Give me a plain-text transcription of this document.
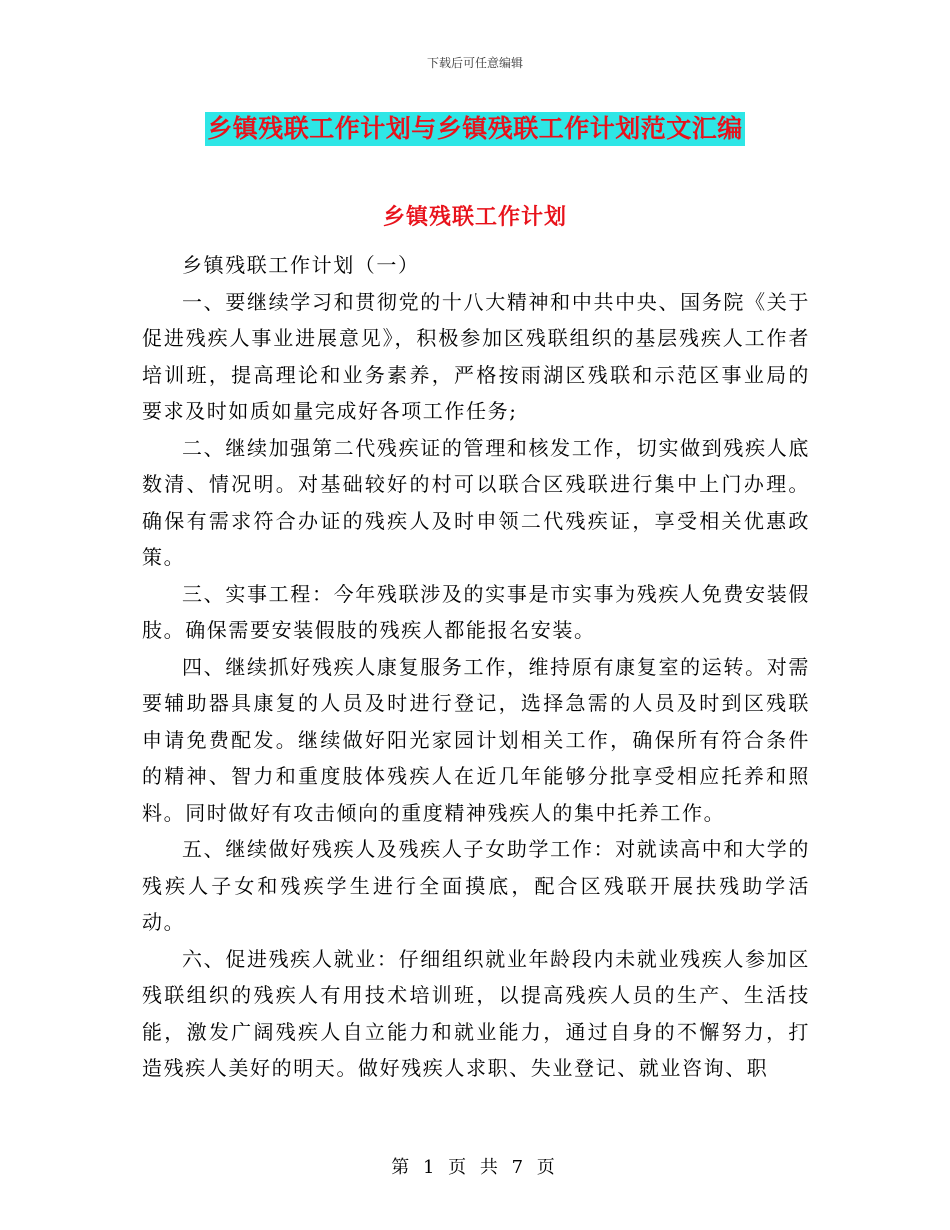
下载后可任意编辑
乡镇残联工作计划与乡镇残联工作计划范文汇编
乡镇残联工作计划

乡镇残联工作计划（一）

一、要继续学习和贯彻党的十八大精神和中共中央、国务院《关于促进残疾人事业进展意见》，积极参加区残联组织的基层残疾人工作者培训班，提高理论和业务素养，严格按雨湖区残联和示范区事业局的要求及时如质如量完成好各项工作任务;

二、继续加强第二代残疾证的管理和核发工作，切实做到残疾人底数清、情况明。对基础较好的村可以联合区残联进行集中上门办理。确保有需求符合办证的残疾人及时申领二代残疾证，享受相关优惠政策。

三、实事工程：今年残联涉及的实事是市实事为残疾人免费安装假肢。确保需要安装假肢的残疾人都能报名安装。

四、继续抓好残疾人康复服务工作，维持原有康复室的运转。对需要辅助器具康复的人员及时进行登记，选择急需的人员及时到区残联申请免费配发。继续做好阳光家园计划相关工作，确保所有符合条件的精神、智力和重度肢体残疾人在近几年能够分批享受相应托养和照料。同时做好有攻击倾向的重度精神残疾人的集中托养工作。

五、继续做好残疾人及残疾人子女助学工作：对就读高中和大学的残疾人子女和残疾学生进行全面摸底，配合区残联开展扶残助学活动。

六、促进残疾人就业：仔细组织就业年龄段内未就业残疾人参加区残联组织的残疾人有用技术培训班，以提高残疾人员的生产、生活技能，激发广阔残疾人自立能力和就业能力，通过自身的不懈努力，打造残疾人美好的明天。做好残疾人求职、失业登记、就业咨询、职

第 1 页 共 7 页
